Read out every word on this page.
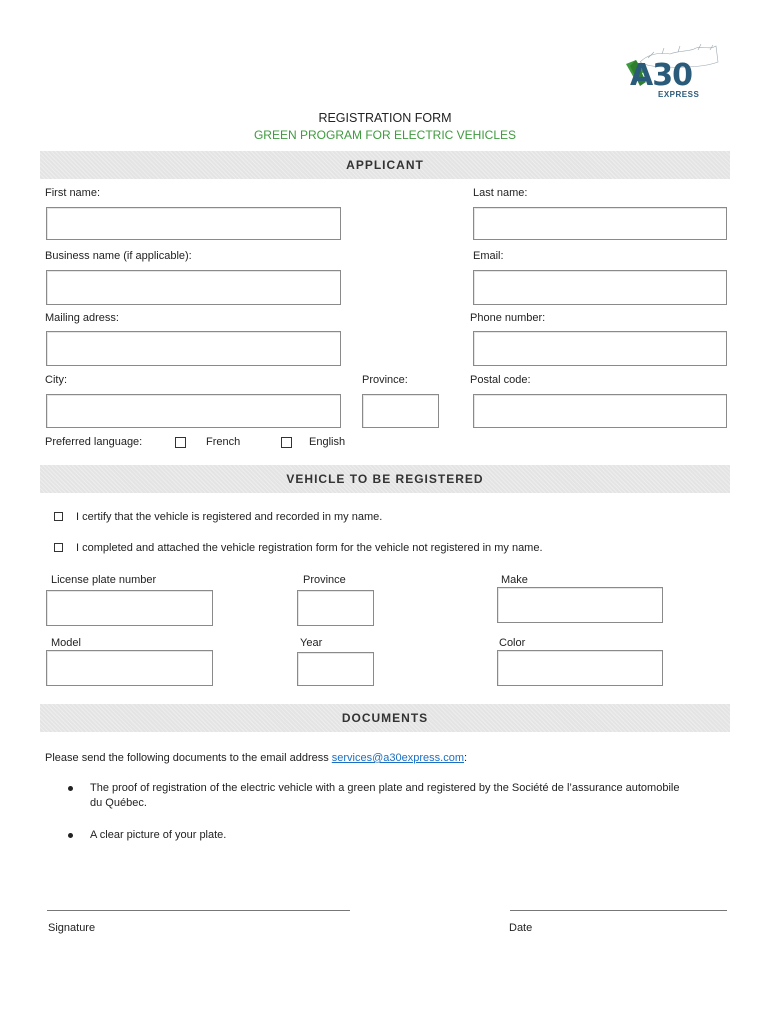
A30
EXPRESS
REGISTRATION FORM
GREEN PROGRAM FOR ELECTRIC VEHICLES
APPLICANT
First name:	Last name:
Business name (if applicable):	Email:
Mailing adress:	Phone number:
City:	Province:	Postal code:
Preferred language:	French	English
VEHICLE TO BE REGISTERED
I certify that the vehicle is registered and recorded in my name.
I completed and attached the vehicle registration form for the vehicle not registered in my name.
License plate number	Province	Make
Model	Year	Color
DOCUMENTS
Please send the following documents to the email address services@a30express.com:
The proof of registration of the electric vehicle with a green plate and registered by the Société de l’assurance automobile
du Québec.
A clear picture of your plate.
Signature	Date
